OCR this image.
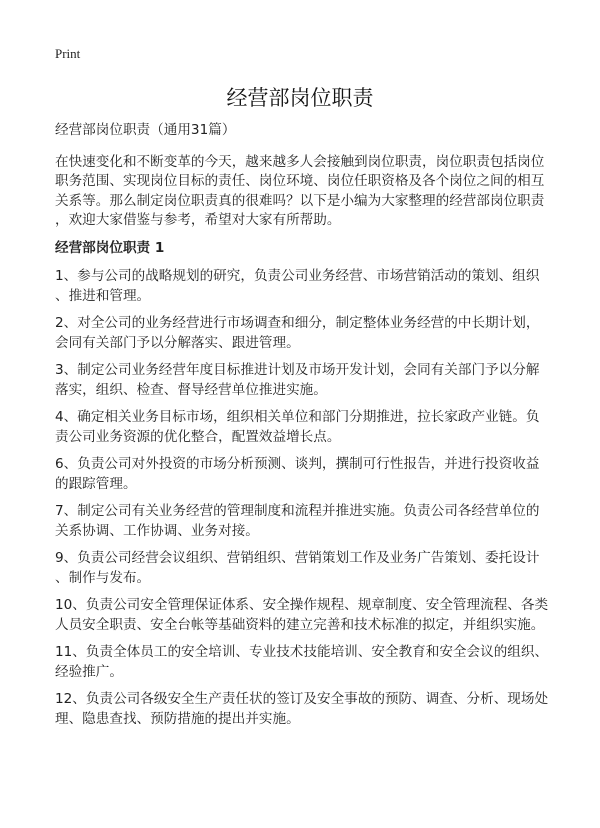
Print
经营部岗位职责
经营部岗位职责（通用31篇）
在快速变化和不断变革的今天，越来越多人会接触到岗位职责，岗位职责包括岗位
职务范围、实现岗位目标的责任、岗位环境、岗位任职资格及各个岗位之间的相互
关系等。那么制定岗位职责真的很难吗？以下是小编为大家整理的经营部岗位职责
，欢迎大家借鉴与参考，希望对大家有所帮助。
经营部岗位职责 1
1、参与公司的战略规划的研究，负责公司业务经营、市场营销活动的策划、组织
、推进和管理。
2、对全公司的业务经营进行市场调查和细分，制定整体业务经营的中长期计划，
会同有关部门予以分解落实、跟进管理。
3、制定公司业务经营年度目标推进计划及市场开发计划，会同有关部门予以分解
落实，组织、检查、督导经营单位推进实施。
4、确定相关业务目标市场，组织相关单位和部门分期推进，拉长家政产业链。负
责公司业务资源的优化整合，配置效益增长点。
6、负责公司对外投资的市场分析预测、谈判，撰制可行性报告，并进行投资收益
的跟踪管理。
7、制定公司有关业务经营的管理制度和流程并推进实施。负责公司各经营单位的
关系协调、工作协调、业务对接。
9、负责公司经营会议组织、营销组织、营销策划工作及业务广告策划、委托设计
、制作与发布。
10、负责公司安全管理保证体系、安全操作规程、规章制度、安全管理流程、各类
人员安全职责、安全台帐等基础资料的建立完善和技术标准的拟定，并组织实施。
11、负责全体员工的安全培训、专业技术技能培训、安全教育和安全会议的组织、
经验推广。
12、负责公司各级安全生产责任状的签订及安全事故的预防、调查、分析、现场处
理、隐患查找、预防措施的提出并实施。
